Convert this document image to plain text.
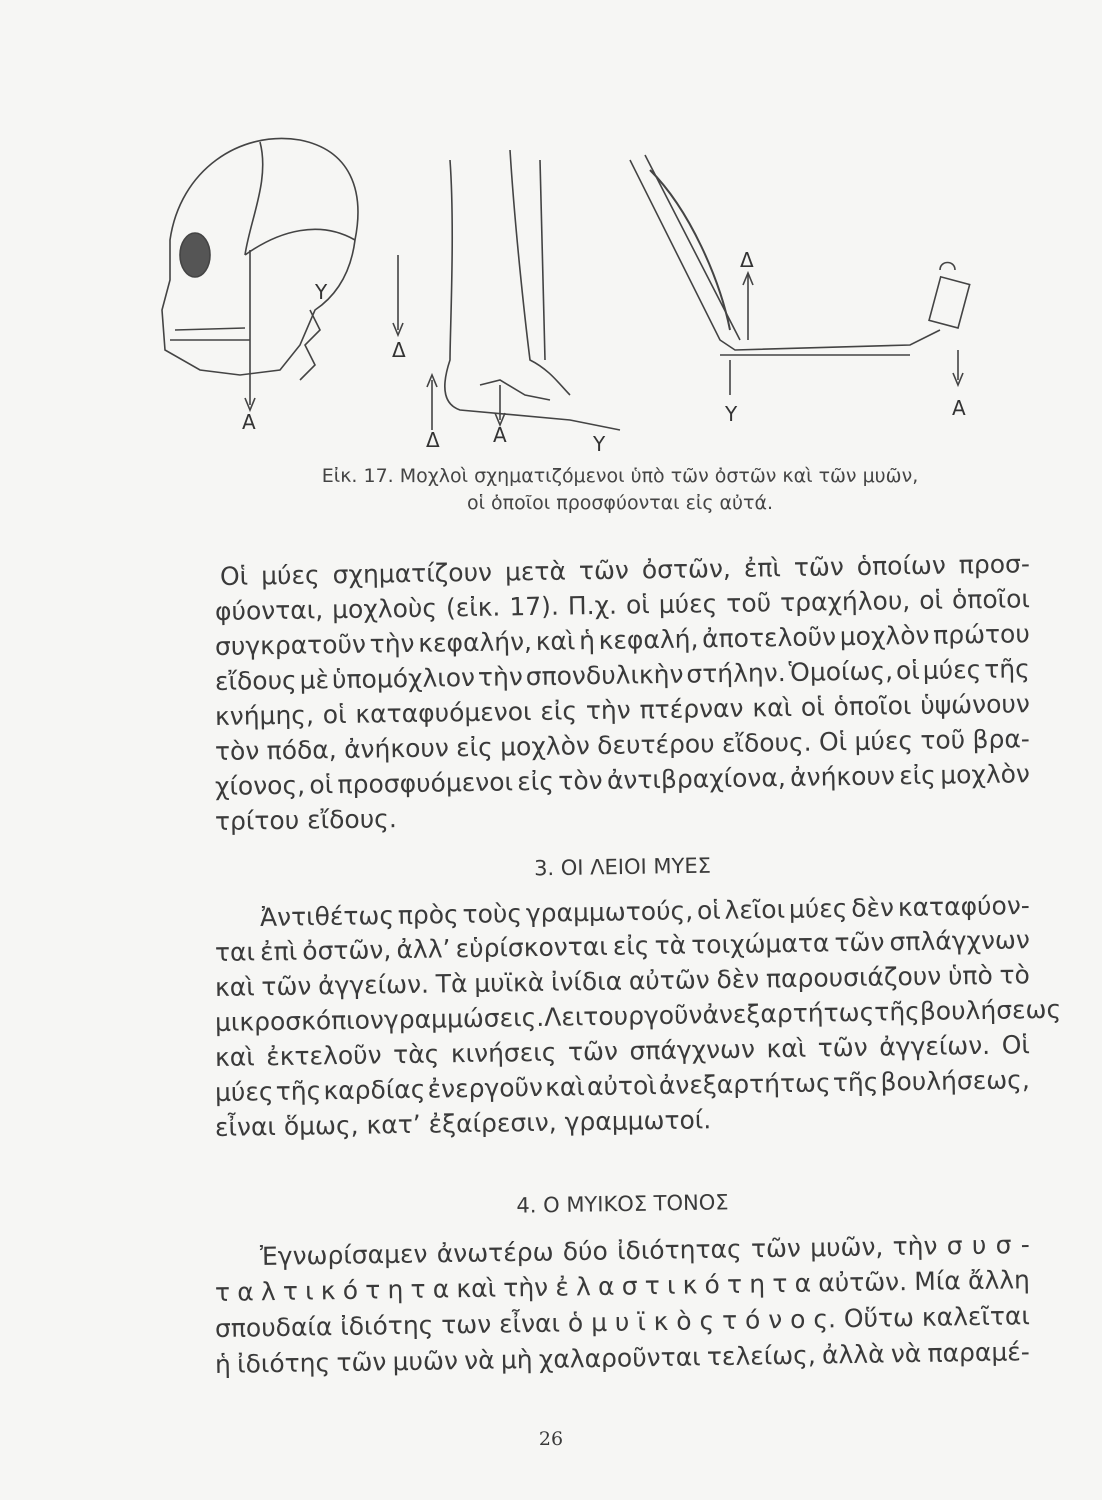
Υ
Δ
Α
Δ	Α	Υ
Δ
Υ	Α
Εἰκ. 17. Μοχλοὶ σχηματιζόμενοι ὑπὸ τῶν ὀστῶν καὶ τῶν μυῶν,
οἱ ὁποῖοι προσφύονται εἰς αὐτά.
Οἱ μύες σχηματίζουν μετὰ τῶν ὀστῶν, ἐπὶ τῶν ὁποίων προσ-
φύονται, μοχλοὺς (εἰκ. 17). Π.χ. οἱ μύες τοῦ τραχήλου, οἱ ὁποῖοι
συγκρατοῦν τὴν κεφαλήν, καὶ ἡ κεφαλή, ἀποτελοῦν μοχλὸν πρώτου
εἴδους μὲ ὑπομόχλιον τὴν σπονδυλικὴν στήλην. Ὁμοίως, οἱ μύες τῆς
κνήμης, οἱ καταφυόμενοι εἰς τὴν πτέρναν καὶ οἱ ὁποῖοι ὑψώνουν
τὸν πόδα, ἀνήκουν εἰς μοχλὸν δευτέρου εἴδους. Οἱ μύες τοῦ βρα-
χίονος, οἱ προσφυόμενοι εἰς τὸν ἀντιβραχίονα, ἀνήκουν εἰς μοχλὸν
τρίτου εἴδους.
3. ΟΙ ΛΕΙΟΙ ΜΥΕΣ
Ἀντιθέτως πρὸς τοὺς γραμμωτούς, οἱ λεῖοι μύες δὲν καταφύον-
ται ἐπὶ ὀστῶν, ἀλλ’ εὑρίσκονται εἰς τὰ τοιχώματα τῶν σπλάγχνων
καὶ τῶν ἀγγείων. Τὰ μυϊκὰ ἰνίδια αὐτῶν δὲν παρουσιάζουν ὑπὸ τὸ
μικροσκόπιον γραμμώσεις. Λειτουργοῦν ἀνεξαρτήτως τῆς βουλήσεως
καὶ ἐκτελοῦν τὰς κινήσεις τῶν σπάγχνων καὶ τῶν ἀγγείων. Οἱ
μύες τῆς καρδίας ἐνεργοῦν καὶ αὐτοὶ ἀνεξαρτήτως τῆς βουλήσεως,
εἶναι ὅμως, κατ’ ἐξαίρεσιν, γραμμωτοί.
4. Ο ΜΥΙΚΟΣ ΤΟΝΟΣ
Ἐγνωρίσαμεν ἀνωτέρω δύο ἰδιότητας τῶν μυῶν, τὴν σ υ σ -
τ α λ τ ι κ ό τ η τ α καὶ τὴν ἐ λ α σ τ ι κ ό τ η τ α αὐτῶν. Μία ἄλλη
σπουδαία ἰδιότης των εἶναι ὁ μ υ ϊ κ ὸ ς τ ό ν ο ς. Οὕτω καλεῖται
ἡ ἰδιότης τῶν μυῶν νὰ μὴ χαλαροῦνται τελείως, ἀλλὰ νὰ παραμέ-
26
